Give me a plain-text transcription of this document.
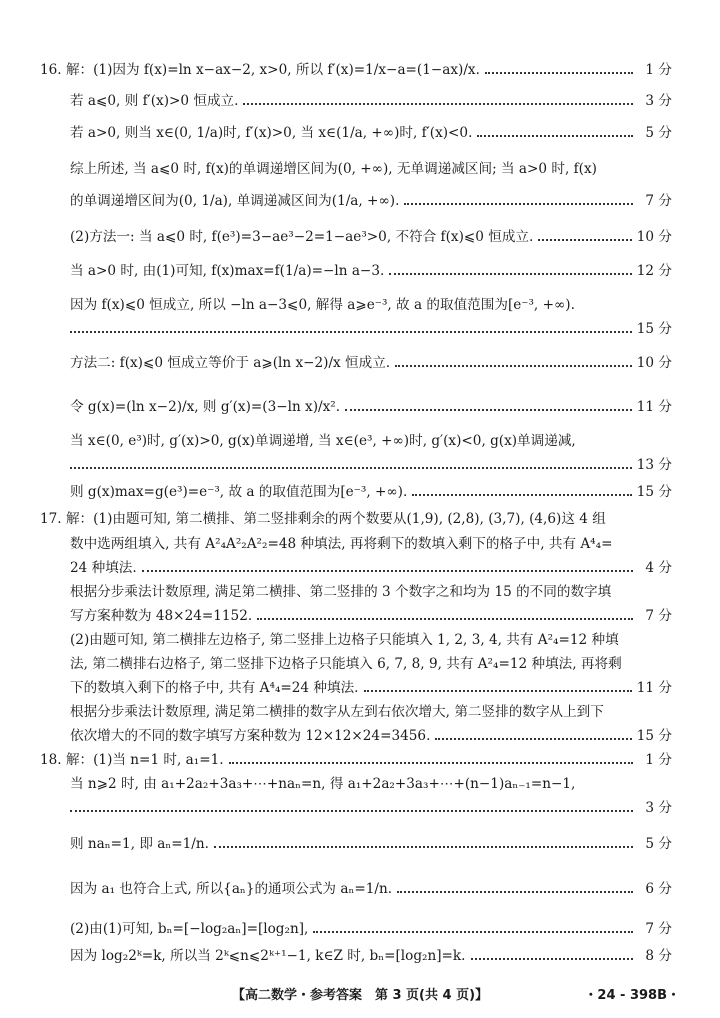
16. 解：(1)因为 f(x)=ln x−ax−2, x>0, 所以 f′(x)=1/x−a=(1−ax)/x.	1 分
若 a⩽0, 则 f′(x)>0 恒成立.	3 分
若 a>0, 则当 x∈(0, 1/a)时, f′(x)>0, 当 x∈(1/a, +∞)时, f′(x)<0.	5 分
综上所述, 当 a⩽0 时, f(x)的单调递增区间为(0, +∞), 无单调递减区间; 当 a>0 时, f(x)
的单调递增区间为(0, 1/a), 单调递减区间为(1/a, +∞).	7 分
(2)方法一: 当 a⩽0 时, f(e³)=3−ae³−2=1−ae³>0, 不符合 f(x)⩽0 恒成立.	10 分
当 a>0 时, 由(1)可知, f(x)max=f(1/a)=−ln a−3.	12 分
因为 f(x)⩽0 恒成立, 所以 −ln a−3⩽0, 解得 a⩾e⁻³, 故 a 的取值范围为[e⁻³, +∞).
15 分
方法二: f(x)⩽0 恒成立等价于 a⩾(ln x−2)/x 恒成立.	10 分
令 g(x)=(ln x−2)/x, 则 g′(x)=(3−ln x)/x².	11 分
当 x∈(0, e³)时, g′(x)>0, g(x)单调递增, 当 x∈(e³, +∞)时, g′(x)<0, g(x)单调递减,
13 分
则 g(x)max=g(e³)=e⁻³, 故 a 的取值范围为[e⁻³, +∞).	15 分
17. 解：(1)由题可知, 第二横排、第二竖排剩余的两个数要从(1,9), (2,8), (3,7), (4,6)这 4 组
数中选两组填入, 共有 A²₄A²₂A²₂=48 种填法, 再将剩下的数填入剩下的格子中, 共有 A⁴₄=
24 种填法.	4 分
根据分步乘法计数原理, 满足第二横排、第二竖排的 3 个数字之和均为 15 的不同的数字填
写方案种数为 48×24=1152.	7 分
(2)由题可知, 第二横排左边格子, 第二竖排上边格子只能填入 1, 2, 3, 4, 共有 A²₄=12 种填
法, 第二横排右边格子, 第二竖排下边格子只能填入 6, 7, 8, 9, 共有 A²₄=12 种填法, 再将剩
下的数填入剩下的格子中, 共有 A⁴₄=24 种填法.	11 分
根据分步乘法计数原理, 满足第二横排的数字从左到右依次增大, 第二竖排的数字从上到下
依次增大的不同的数字填写方案种数为 12×12×24=3456.	15 分
18. 解：(1)当 n=1 时, a₁=1.	1 分
当 n⩾2 时, 由 a₁+2a₂+3a₃+⋯+naₙ=n, 得 a₁+2a₂+3a₃+⋯+(n−1)aₙ₋₁=n−1,
3 分
则 naₙ=1, 即 aₙ=1/n.	5 分
因为 a₁ 也符合上式, 所以{aₙ}的通项公式为 aₙ=1/n.	6 分
(2)由(1)可知, bₙ=[−log₂aₙ]=[log₂n],	7 分
因为 log₂2ᵏ=k, 所以当 2ᵏ⩽n⩽2ᵏ⁺¹−1, k∈Z 时, bₙ=[log₂n]=k.	8 分
【高二数学・参考答案　第 3 页(共 4 页)】	・24 - 398B・
